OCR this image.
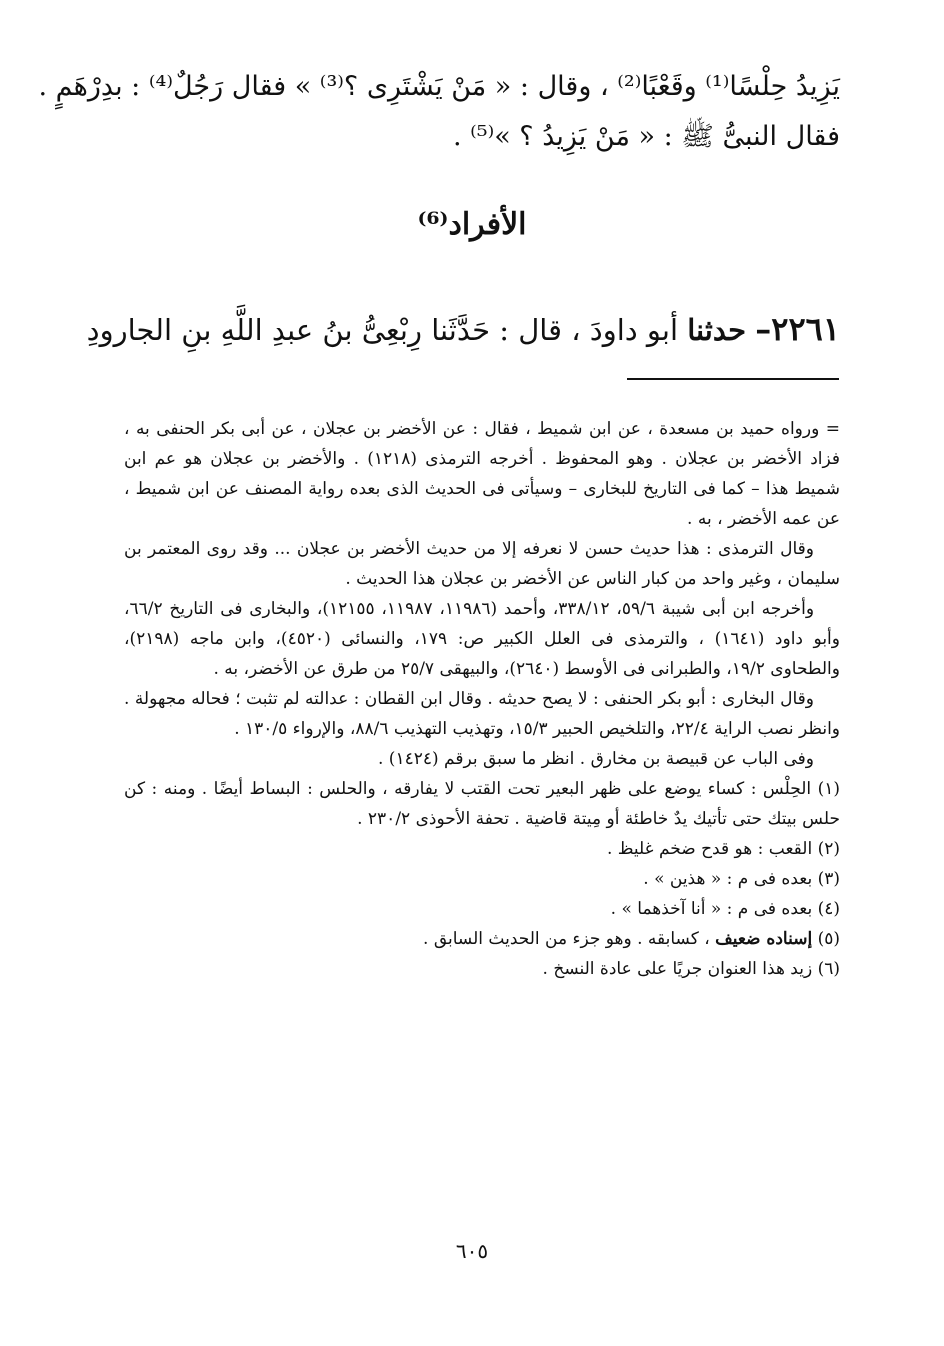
يَزِيدُ حِلْسًا⁽¹⁾ وقَعْبًا⁽²⁾ ، وقال : « مَنْ يَشْتَرِى ؟⁽³⁾ » فقال رَجُلٌ⁽⁴⁾ : بدِرْهَمٍ .
فقال النبىُّ ﷺ : « مَنْ يَزِيدُ ؟ »⁽⁵⁾ .
الأفراد⁽⁶⁾
٢٢٦١– حدثنا أبو داودَ ، قال : حَدَّثَنا رِبْعِىُّ بنُ عبدِ اللَّهِ بنِ الجارودِ

= ورواه حميد بن مسعدة ، عن ابن شميط ، فقال : عن الأخضر بن عجلان ، عن أبى بكر الحنفى به ، فزاد الأخضر بن عجلان . وهو المحفوظ . أخرجه الترمذى (١٢١٨) . والأخضر بن عجلان هو عم ابن شميط هذا – كما فى التاريخ للبخارى – وسيأتى فى الحديث الذى بعده رواية المصنف عن ابن شميط ، عن عمه الأخضر ، به .

وقال الترمذى : هذا حديث حسن لا نعرفه إلا من حديث الأخضر بن عجلان ... وقد روى المعتمر بن سليمان ، وغير واحد من كبار الناس عن الأخضر بن عجلان هذا الحديث .

وأخرجه ابن أبى شيبة ٥٩/٦، ٣٣٨/١٢، وأحمد (١١٩٨٦، ١١٩٨٧، ١٢١٥٥)، والبخارى فى التاريخ ٦٦/٢، وأبو داود (١٦٤١) ، والترمذى فى العلل الكبير ص: ١٧٩، والنسائى (٤٥٢٠)، وابن ماجه (٢١٩٨)، والطحاوى ١٩/٢، والطبرانى فى الأوسط (٢٦٤٠)، والبيهقى ٢٥/٧ من طرق عن الأخضر، به .

وقال البخارى : أبو بكر الحنفى : لا يصح حديثه . وقال ابن القطان : عدالته لم تثبت ؛ فحاله مجهولة . وانظر نصب الراية ٢٢/٤، والتلخيص الحبير ١٥/٣، وتهذيب التهذيب ٨٨/٦، والإرواء ١٣٠/٥ .

وفى الباب عن قبيصة بن مخارق . انظر ما سبق برقم (١٤٢٤) .

(١) الحِلْس : كساء يوضع على ظهر البعير تحت القتب لا يفارقه ، والحلس : البساط أيضًا . ومنه : كن حلس بيتك حتى تأتيك يدٌ خاطئة أو مِيتة قاضية . تحفة الأحوذى ٢٣٠/٢ .

(٢) القعب : هو قدح ضخم غليظ .

(٣) بعده فى م : « هذين » .

(٤) بعده فى م : « أنا آخذهما » .

(٥) إسناده ضعيف ، كسابقه . وهو جزء من الحديث السابق .

(٦) زيد هذا العنوان جريًا على عادة النسخ .

٦٠٥
